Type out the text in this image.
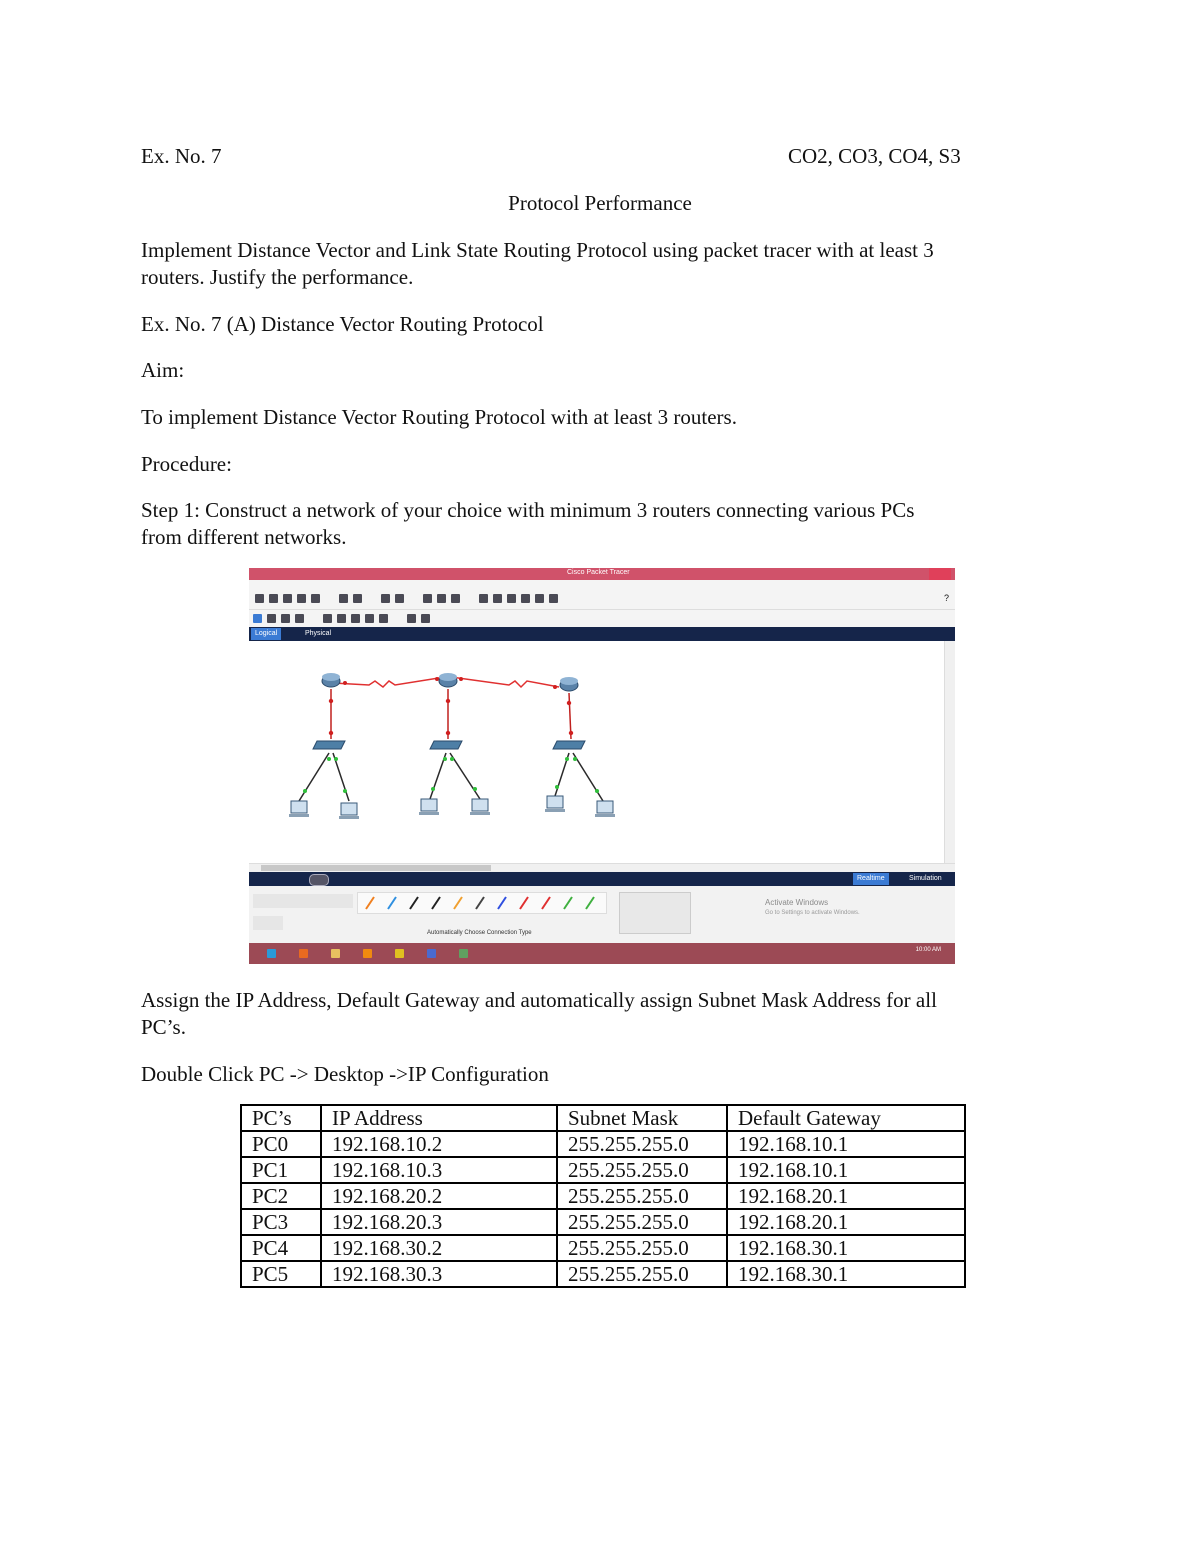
Ex. No. 7	CO2, CO3, CO4, S3
Protocol Performance
Implement Distance Vector and Link State Routing Protocol using packet tracer with at least 3
routers. Justify the performance.
Ex. No. 7 (A) Distance Vector Routing Protocol
Aim:
To implement Distance Vector Routing Protocol with at least 3 routers.
Procedure:
Step 1: Construct a network of your choice with minimum 3 routers connecting various PCs
from different networks.
Cisco Packet Tracer
?
Logical	Physical
Realtime	Simulation
Automatically Choose Connection Type
Activate Windows
Go to Settings to activate Windows.
10:00 AM
Assign the IP Address, Default Gateway and automatically assign Subnet Mask Address for all
PC’s.
Double Click PC -> Desktop ->IP Configuration
PC’s	IP Address	Subnet Mask	Default Gateway
PC0	192.168.10.2	255.255.255.0	192.168.10.1
PC1	192.168.10.3	255.255.255.0	192.168.10.1
PC2	192.168.20.2	255.255.255.0	192.168.20.1
PC3	192.168.20.3	255.255.255.0	192.168.20.1
PC4	192.168.30.2	255.255.255.0	192.168.30.1
PC5	192.168.30.3	255.255.255.0	192.168.30.1
